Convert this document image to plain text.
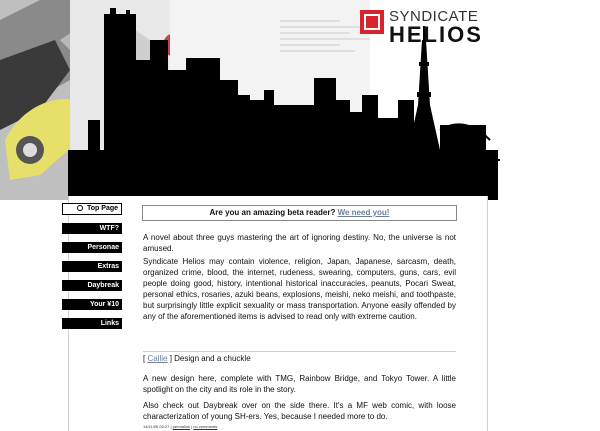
SYNDICATE
HELIOS
Top Page
WTF?
Personae
Extras
Daybreak
Your ¥10
Links
Are you an amazing beta reader? We need you!
A novel about three guys mastering the art of ignoring destiny. No, the universe is not amused.
Syndicate Helios may contain violence, religion, Japan, Japanese, sarcasm, death, organized crime, blood, the internet, rudeness, swearing, computers, guns, cars, evil people doing good, history, intentional historical inaccuracies, peanuts, Pocari Sweat, personal ethics, rosaries, azuki beans, explosions, meishi, neko meishi, and toothpaste, but surprisingly little explicit sexuality or mass transportation. Anyone easily offended by any of the aforementioned items is advised to read only with extreme caution.
[ Callie ] Design and a chuckle
A new design here, complete with TMG, Rainbow Bridge, and Tokyo Tower. A little spotlight on the city and its role in the story.
Also check out Daybreak over on the side there. It's a MF web comic, with loose characterization of young SH-ers. Yes, because I needed more to do.
14/11/06 00:27 | permalink | no comments
